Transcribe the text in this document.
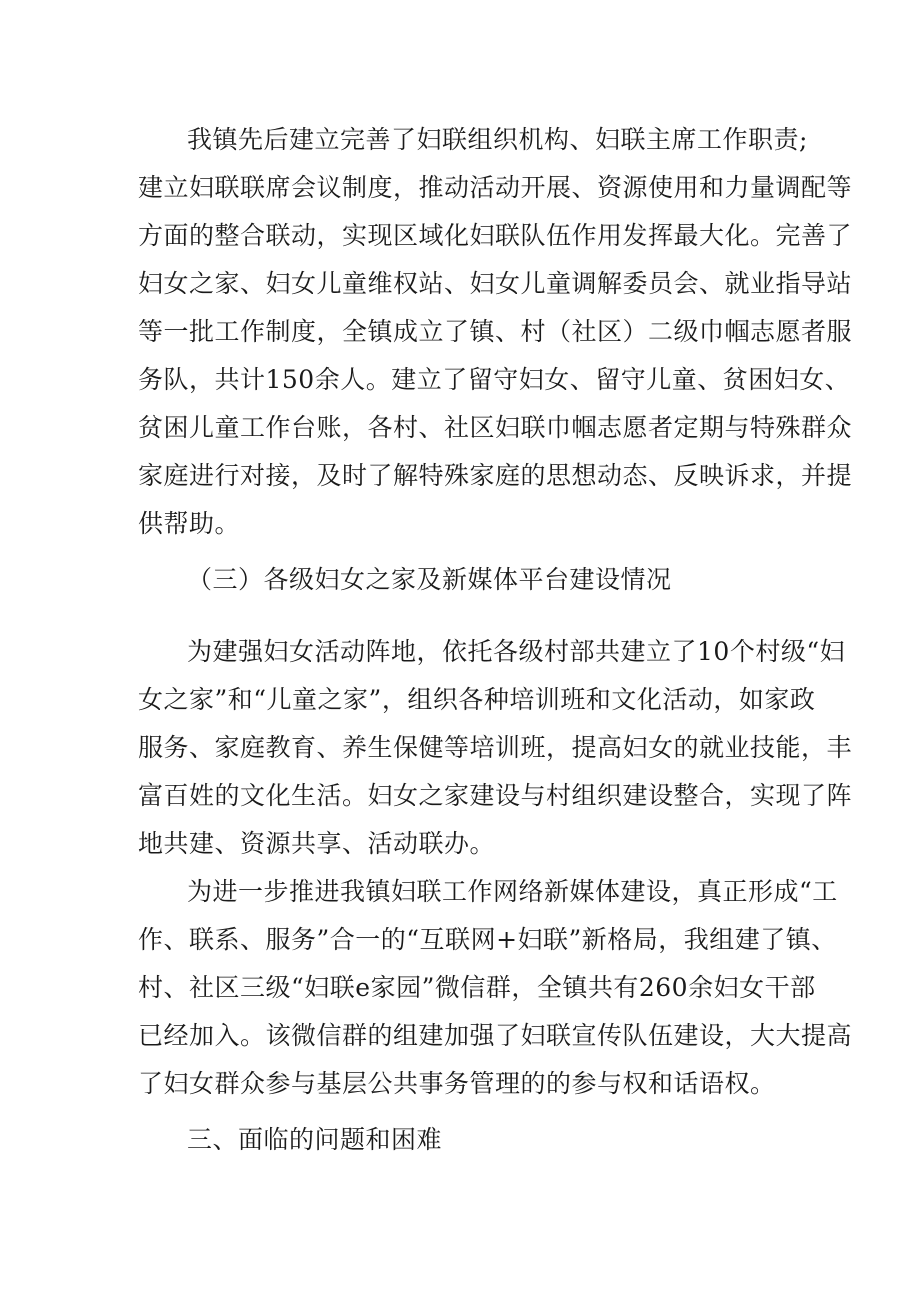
我镇先后建立完善了妇联组织机构、妇联主席工作职责;
建立妇联联席会议制度，推动活动开展、资源使用和力量调配等
方面的整合联动，实现区域化妇联队伍作用发挥最大化。完善了
妇女之家、妇女儿童维权站、妇女儿童调解委员会、就业指导站
等一批工作制度，全镇成立了镇、村（社区）二级巾帼志愿者服
务队，共计150余人。建立了留守妇女、留守儿童、贫困妇女、
贫困儿童工作台账，各村、社区妇联巾帼志愿者定期与特殊群众
家庭进行对接，及时了解特殊家庭的思想动态、反映诉求，并提
供帮助。
（三）各级妇女之家及新媒体平台建设情况
为建强妇女活动阵地，依托各级村部共建立了10个村级“妇
女之家”和“儿童之家”，组织各种培训班和文化活动，如家政
服务、家庭教育、养生保健等培训班，提高妇女的就业技能，丰
富百姓的文化生活。妇女之家建设与村组织建设整合，实现了阵
地共建、资源共享、活动联办。
为进一步推进我镇妇联工作网络新媒体建设，真正形成“工
作、联系、服务”合一的“互联网+妇联”新格局，我组建了镇、
村、社区三级“妇联e家园”微信群，全镇共有260余妇女干部
已经加入。该微信群的组建加强了妇联宣传队伍建设，大大提高
了妇女群众参与基层公共事务管理的的参与权和话语权。
三、面临的问题和困难
